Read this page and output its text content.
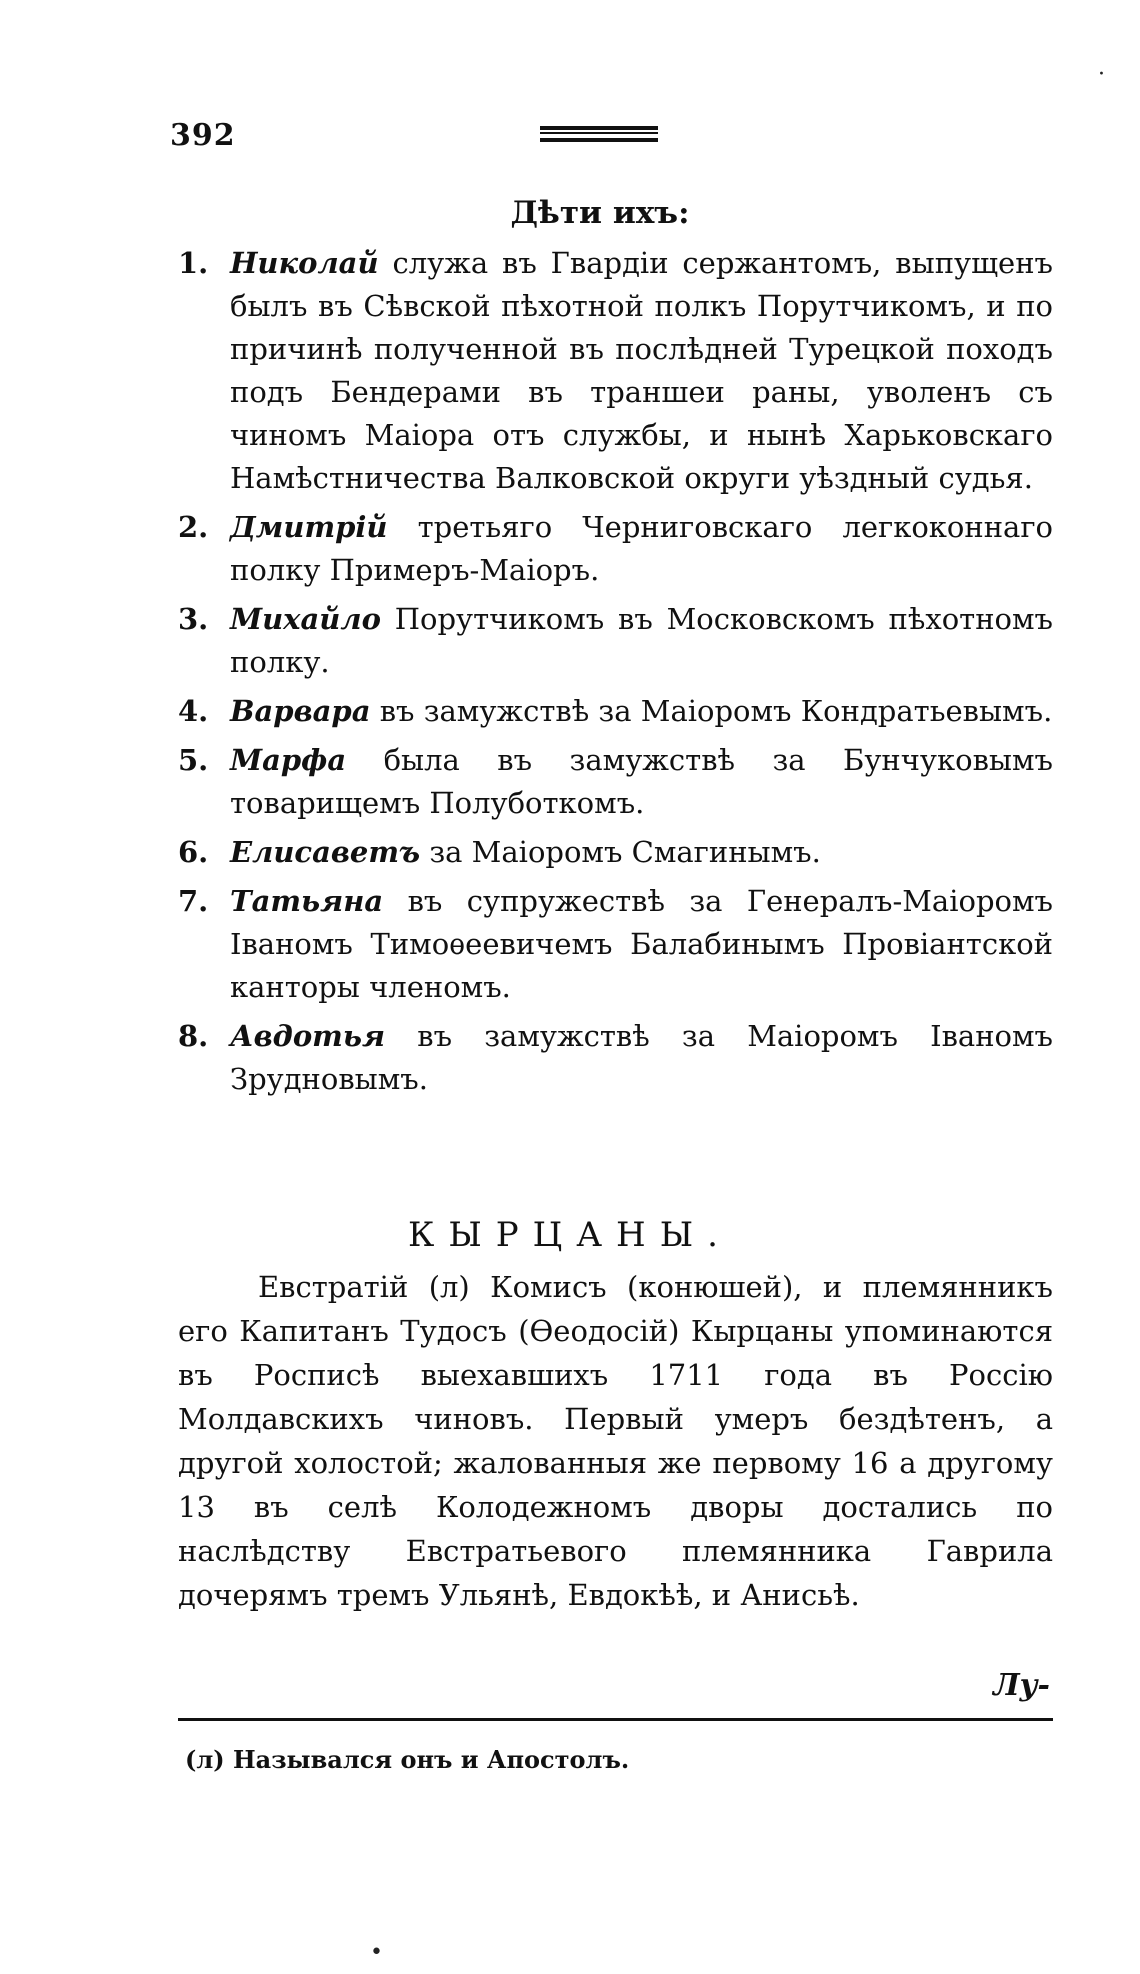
392
Дѣти ихъ:
1. Николай служа въ Гвардіи сержантомъ, выпущенъ былъ въ Сѣвской пѣхотной полкъ Порутчикомъ, и по причинѣ полученной въ послѣдней Турецкой походъ подъ Бендерами въ траншеи раны, уволенъ съ чиномъ Маіора отъ службы, и нынѣ Харьковскаго Намѣстничества Валковской округи уѣздный судья.
2. Дмитрій третьяго Черниговскаго легкоконнаго полку Примеръ-Маіоръ.
3. Михайло Порутчикомъ въ Московскомъ пѣхотномъ полку.
4. Варвара въ замужствѣ за Маіоромъ Кондратьевымъ.
5. Марфа была въ замужствѣ за Бунчуковымъ товарищемъ Полуботкомъ.
6. Елисаветъ за Маіоромъ Смагинымъ.
7. Татьяна въ супружествѣ за Генералъ-Маіоромъ Іваномъ Тимоѳеевичемъ Балабинымъ Провіантской канторы членомъ.
8. Авдотья въ замужствѣ за Маіоромъ Іваномъ Зрудновымъ.
КЫРЦАНЫ.

Евстратій (л) Комисъ (конюшей), и племянникъ его Капитанъ Тудосъ (Ѳеодосій) Кырцаны упоминаются въ Росписѣ выехавшихъ 1711 года въ Россію Молдавскихъ чиновъ. Первый умеръ бездѣтенъ, а другой холостой; жалованныя же первому 16 а другому 13 въ селѣ Колодежномъ дворы достались по наслѣдству Евстратьевого племянника Гаврила дочерямъ тремъ Ульянѣ, Евдокѣѣ, и Анисьѣ.

Лу-
(л) Назывался онъ и Апостолъ.
·
•
